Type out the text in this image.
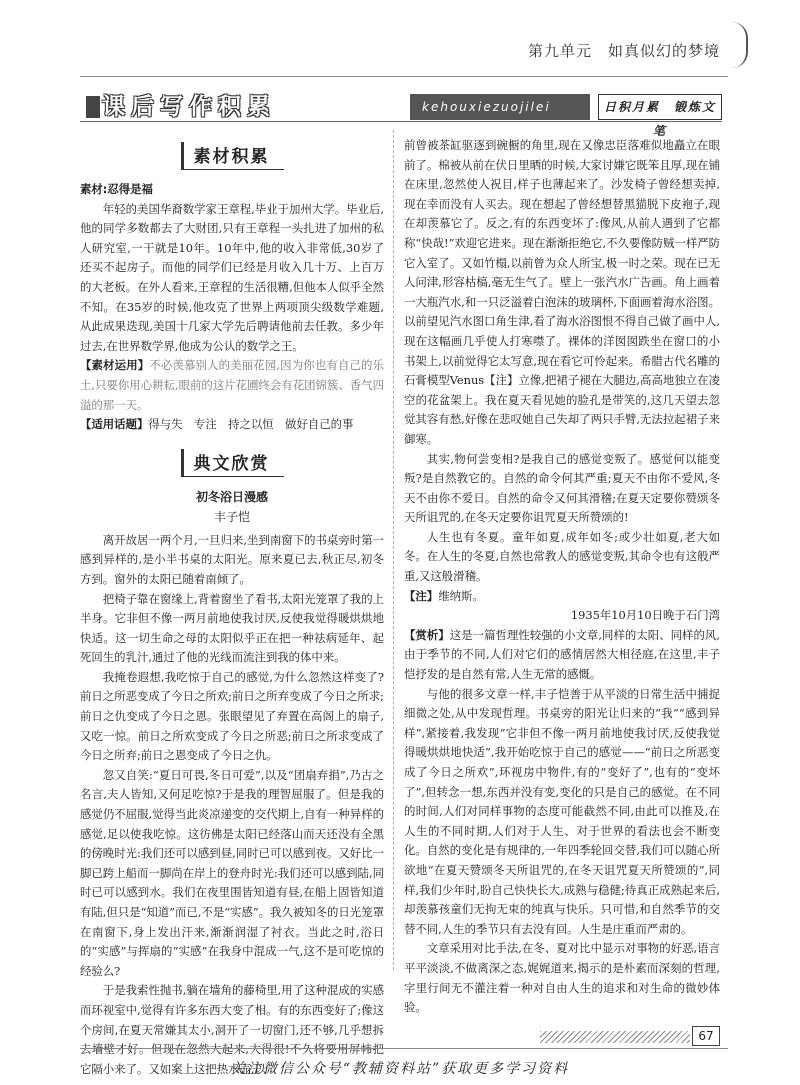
第九单元　如真似幻的梦境
课后写作积累	kehouxiezuojilei	日积月累　锻炼文笔
素材积累
素材:忍得是福

年轻的美国华裔数学家王章程,毕业于加州大学。毕业后,他的同学多数都去了大财团,只有王章程一头扎进了加州的私人研究室,一干就是10年。10年中,他的收入非常低,30岁了还买不起房子。而他的同学们已经是月收入几十万、上百万的大老板。在外人看来,王章程的生活很糟,但他本人似乎全然不知。在35岁的时候,他攻克了世界上两项顶尖级数学难题,从此成果迭现,美国十几家大学先后聘请他前去任教。多少年过去,在世界数学界,他成为公认的数学之王。

【素材运用】不必羡慕别人的美丽花园,因为你也有自己的乐土,只要你用心耕耘,眼前的这片花圃终会有花团锦簇、香气四溢的那一天。

【适用话题】得与失　专注　持之以恒　做好自己的事

典文欣赏
初冬浴日漫感
丰子恺

离开故居一两个月,一旦归来,坐到南窗下的书桌旁时第一感到异样的,是小半书桌的太阳光。原来夏已去,秋正尽,初冬方到。窗外的太阳已随着南倾了。

把椅子靠在窗缘上,背着窗坐了看书,太阳光笼罩了我的上半身。它非但不像一两月前地使我讨厌,反使我觉得暖烘烘地快适。这一切生命之母的太阳似乎正在把一种祛病延年、起死回生的乳汁,通过了他的光线而流注到我的体中来。

我掩卷遐想,我吃惊于自己的感觉,为什么忽然这样变了?前日之所恶变成了今日之所欢;前日之所弃变成了今日之所求;前日之仇变成了今日之恩。张眼望见了弃置在高阁上的扇子,又吃一惊。前日之所欢变成了今日之所恶;前日之所求变成了今日之所弃;前日之恩变成了今日之仇。

忽又自笑:“夏日可畏,冬日可爱”,以及“团扇弃捐”,乃古之名言,夫人皆知,又何足吃惊?于是我的理智屈服了。但是我的感觉仍不屈服,觉得当此炎凉递变的交代期上,自有一种异样的感觉,足以使我吃惊。这彷佛是太阳已经落山而天还没有全黑的傍晚时光:我们还可以感到昼,同时已可以感到夜。又好比一脚已跨上船而一脚尚在岸上的登舟时光:我们还可以感到陆,同时已可以感到水。我们在夜里围皆知道有昼,在船上固皆知道有陆,但只是“知道”而已,不是“实感”。我久被知冬的日光笼罩在南窗下,身上发出汗来,渐渐润湿了衬衣。当此之时,浴日的“实感”与挥扇的“实感”在我身中混成一气,这不是可吃惊的经验么?

于是我索性抛书,躺在墙角的藤椅里,用了这种混成的实感而环视室中,觉得有许多东西大变了相。有的东西变好了;像这个房间,在夏天常嫌其太小,洞开了一切窗门,还不够,几乎想拆去墙壁才好。但现在忽然大起来,大得很!不久将要用屏帏把它隔小来了。又如案上这把热水壶,以

前曾被茶缸驱逐到碗橱的角里,现在又像忠臣落难似地矗立在眼前了。棉被从前在伏日里晒的时候,大家讨嫌它既笨且厚,现在铺在床里,忽然使人祝目,样子也薄起来了。沙发椅子曾经想卖掉,现在幸而没有人买去。现在想起了曾经想替黑猫脱下皮袍子,现在却羡慕它了。反之,有的东西变坏了:像风,从前人遇到了它都称“快哉!”欢迎它进来。现在渐渐拒绝它,不久要像防贼一样严防它入室了。又如竹榻,以前曾为众人所宝,极一时之荣。现在已无人问津,形容枯槁,毫无生气了。壁上一张汽水广告画。角上画着一大瓶汽水,和一只泛溢着白泡沫的玻璃杯,下面画着海水浴图。以前望见汽水图口角生津,看了海水浴图恨不得自己做了画中人,现在这幅画几乎使人打寒噤了。裸体的洋囡囡跌坐在窗口的小书架上,以前觉得它太写意,现在看它可怜起来。希腊古代名雕的石膏模型Venus【注】立像,把裙子褪在大腿边,高高地独立在凌空的花盆架上。我在夏天看见她的脸孔是带笑的,这几天望去忽觉其容有愁,好像在悲叹她自己失却了两只手臂,无法拉起裙子来御寒。

其实,物何尝变相?是我自己的感觉变叛了。感觉何以能变叛?是自然教它的。自然的命令何其严重;夏天不由你不爱风,冬天不由你不爱日。自然的命令又何其滑稽;在夏天定要你赞颂冬天所诅咒的,在冬天定要你诅咒夏天所赞颂的!

人生也有冬夏。童年如夏,成年如冬;或少壮如夏,老大如冬。在人生的冬夏,自然也常教人的感觉变叛,其命令也有这般严重,又这般滑稽。

【注】维纳斯。

1935年10月10日晚于石门湾

【赏析】这是一篇哲理性较强的小文章,同样的太阳、同样的风,由于季节的不同,人们对它们的感情居然大相径庭,在这里,丰子恺抒发的是自然有常,人生无常的感慨。

与他的很多文章一样,丰子恺善于从平淡的日常生活中捕捉细微之处,从中发现哲理。书桌旁的阳光让归来的“我”“感到异样”,紧接着,我发现“它非但不像一两月前地使我讨厌,反使我觉得暖烘烘地快适”,我开始吃惊于自己的感觉——“前日之所恶变成了今日之所欢”,环视房中物件,有的“变好了”,也有的“变坏了”,但转念一想,东西并没有变,变化的只是自己的感觉。在不同的时间,人们对同样事物的态度可能截然不同,由此可以推及,在人生的不同时期,人们对于人生、对于世界的看法也会不断变化。自然的变化是有规律的,一年四季轮回交替,我们可以随心所欲地“在夏天赞颂冬天所诅咒的,在冬天诅咒夏天所赞颂的”,同样,我们少年时,盼自己快快长大,成熟与稳健;待真正成熟起来后,却羡慕孩童们无拘无束的纯真与快乐。只可惜,和自然季节的交替不同,人生的季节只有去没有回。人生是庄重而严肃的。

文章采用对比手法,在冬、夏对比中显示对事物的好恶,语言平平淡淡,不做离深之态,娓娓道来,揭示的是朴素而深刻的哲理,字里行间无不灌注着一种对自由人生的追求和对生命的微妙体验。

67
关注微信公众号“教辅资料站”获取更多学习资料
